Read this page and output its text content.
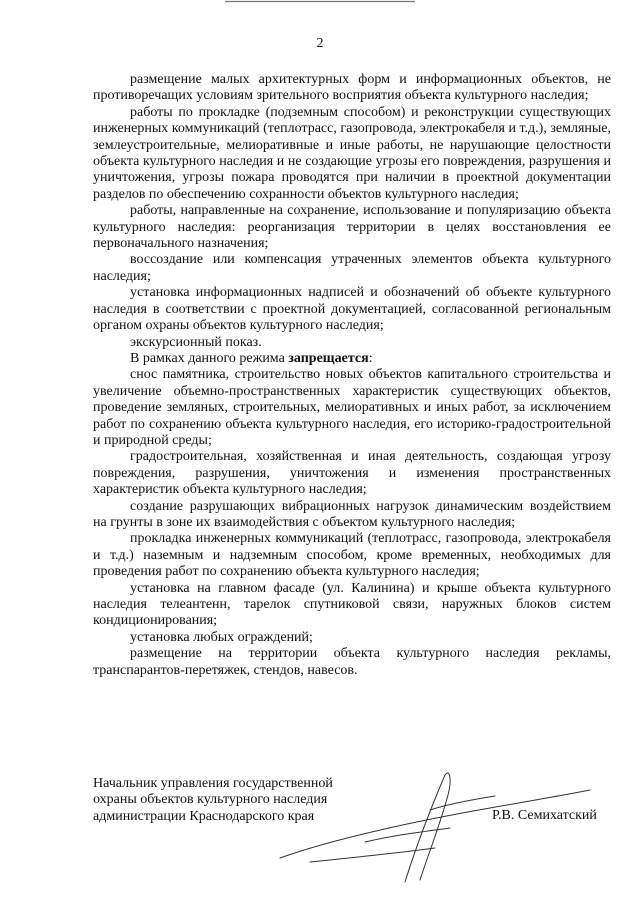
2

размещение малых архитектурных форм и информационных объектов, не противоречащих условиям зрительного восприятия объекта культурного наследия;

работы по прокладке (подземным способом) и реконструкции существующих инженерных коммуникаций (теплотрасс, газопровода, электрокабеля и т.д.), земляные, землеустроительные, мелиоративные и иные работы, не нарушающие целостности объекта культурного наследия и не создающие угрозы его повреждения, разрушения и уничтожения, угрозы пожара проводятся при наличии в проектной документации разделов по обеспечению сохранности объектов культурного наследия;

работы, направленные на сохранение, использование и популяризацию объекта культурного наследия: реорганизация территории в целях восстановления ее первоначального назначения;

воссоздание или компенсация утраченных элементов объекта культурного наследия;

установка информационных надписей и обозначений об объекте культурного наследия в соответствии с проектной документацией, согласованной региональным органом охраны объектов культурного наследия;

экскурсионный показ.

В рамках данного режима запрещается:

снос памятника, строительство новых объектов капитального строительства и увеличение объемно-пространственных характеристик существующих объектов, проведение земляных, строительных, мелиоративных и иных работ, за исключением работ по сохранению объекта культурного наследия, его историко-градостроительной и природной среды;

градостроительная, хозяйственная и иная деятельность, создающая угрозу повреждения, разрушения, уничтожения и изменения пространственных характеристик объекта культурного наследия;

создание разрушающих вибрационных нагрузок динамическим воздействием на грунты в зоне их взаимодействия с объектом культурного наследия;

прокладка инженерных коммуникаций (теплотрасс, газопровода, электрокабеля и т.д.) наземным и надземным способом, кроме временных, необходимых для проведения работ по сохранению объекта культурного наследия;

установка на главном фасаде (ул. Калинина) и крыше объекта культурного наследия телеантенн, тарелок спутниковой связи, наружных блоков систем кондиционирования;

установка любых ограждений;

размещение на территории объекта культурного наследия рекламы, транспарантов-перетяжек, стендов, навесов.

Начальник управления государственной
охраны объектов культурного наследия
администрации Краснодарского края	Р.В. Семихатский
